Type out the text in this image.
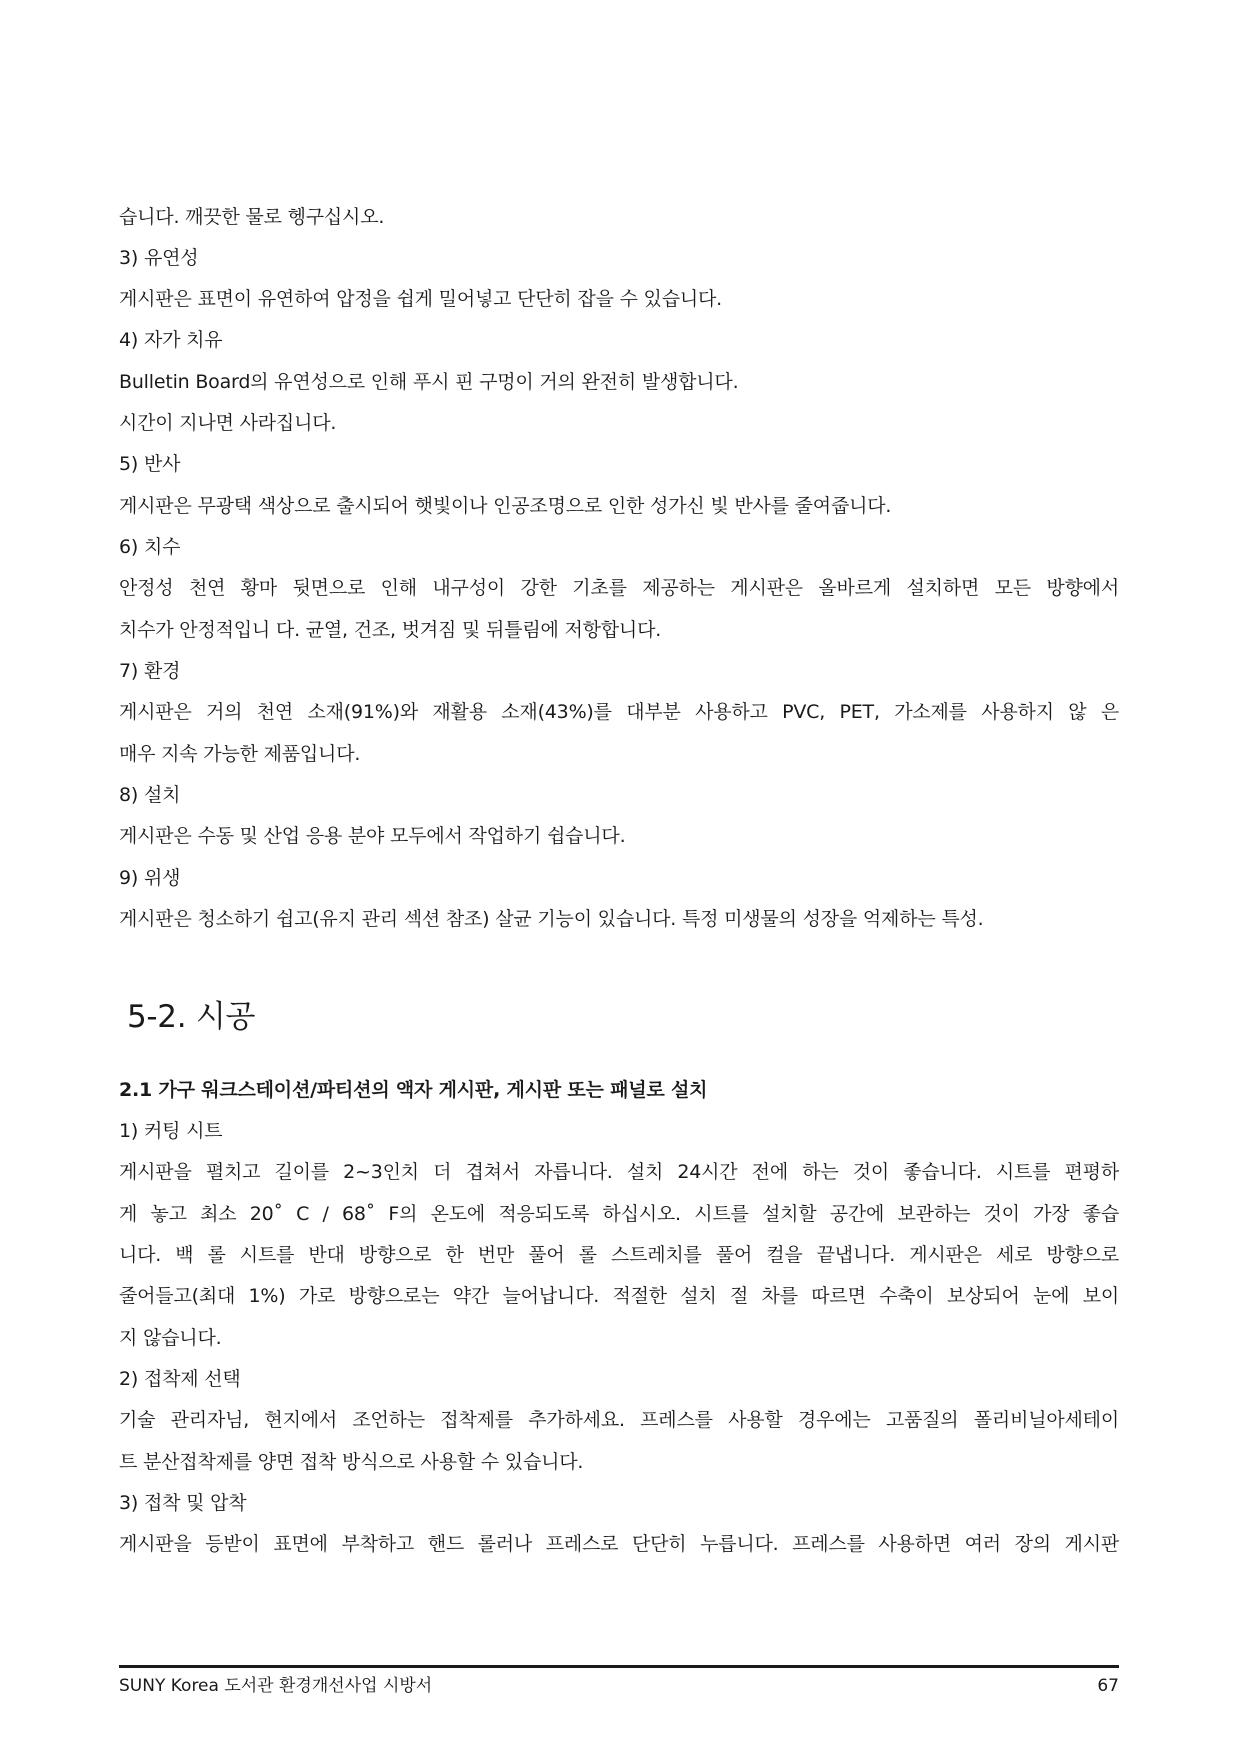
습니다. 깨끗한 물로 헹구십시오.
3) 유연성
게시판은 표면이 유연하여 압정을 쉽게 밀어넣고 단단히 잡을 수 있습니다.
4) 자가 치유
Bulletin Board의 유연성으로 인해 푸시 핀 구멍이 거의 완전히 발생합니다.
시간이 지나면 사라집니다.
5) 반사
게시판은 무광택 색상으로 출시되어 햇빛이나 인공조명으로 인한 성가신 빛 반사를 줄여줍니다.
6) 치수
안정성 천연 황마 뒷면으로 인해 내구성이 강한 기초를 제공하는 게시판은 올바르게 설치하면 모든 방향에서
치수가 안정적입니 다. 균열, 건조, 벗겨짐 및 뒤틀림에 저항합니다.
7) 환경
게시판은 거의 천연 소재(91%)와 재활용 소재(43%)를 대부분 사용하고 PVC, PET, 가소제를 사용하지 않 은
매우 지속 가능한 제품입니다.
8) 설치
게시판은 수동 및 산업 응용 분야 모두에서 작업하기 쉽습니다.
9) 위생
게시판은 청소하기 쉽고(유지 관리 섹션 참조) 살균 기능이 있습니다. 특정 미생물의 성장을 억제하는 특성.
5-2. 시공
2.1 가구 워크스테이션/파티션의 액자 게시판, 게시판 또는 패널로 설치
1) 커팅 시트
게시판을 펼치고 길이를 2~3인치 더 겹쳐서 자릅니다. 설치 24시간 전에 하는 것이 좋습니다. 시트를 편평하
게 놓고 최소 20˚ C / 68˚ F의 온도에 적응되도록 하십시오. 시트를 설치할 공간에 보관하는 것이 가장 좋습
니다. 백 롤 시트를 반대 방향으로 한 번만 풀어 롤 스트레치를 풀어 컬을 끝냅니다. 게시판은 세로 방향으로
줄어들고(최대 1%) 가로 방향으로는 약간 늘어납니다. 적절한 설치 절 차를 따르면 수축이 보상되어 눈에 보이
지 않습니다.
2) 접착제 선택
기술 관리자님, 현지에서 조언하는 접착제를 추가하세요. 프레스를 사용할 경우에는 고품질의 폴리비닐아세테이
트 분산접착제를 양면 접착 방식으로 사용할 수 있습니다.
3) 접착 및 압착
게시판을 등받이 표면에 부착하고 핸드 롤러나 프레스로 단단히 누릅니다. 프레스를 사용하면 여러 장의 게시판
SUNY Korea 도서관 환경개선사업 시방서	67
